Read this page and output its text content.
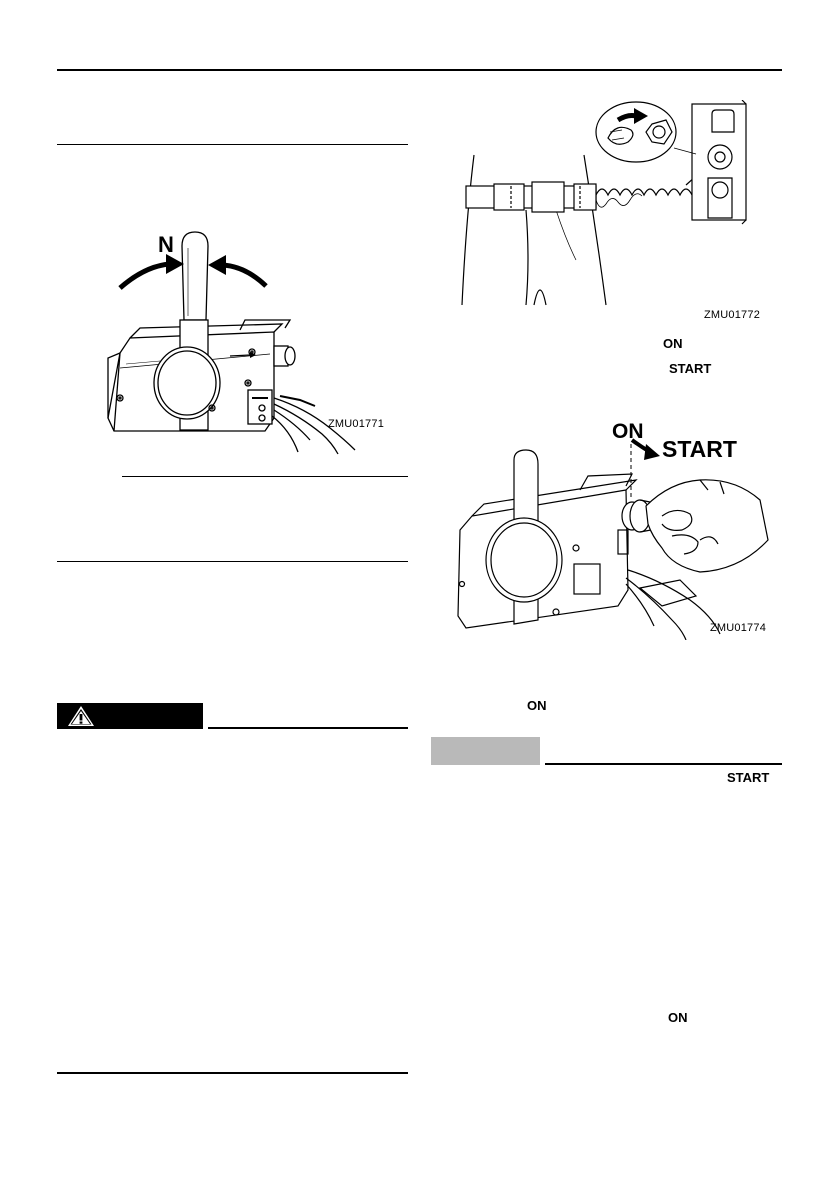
N
ZMU01771
ZMU01772
ON
START
ON
START
ZMU01774
ON
START
ON
